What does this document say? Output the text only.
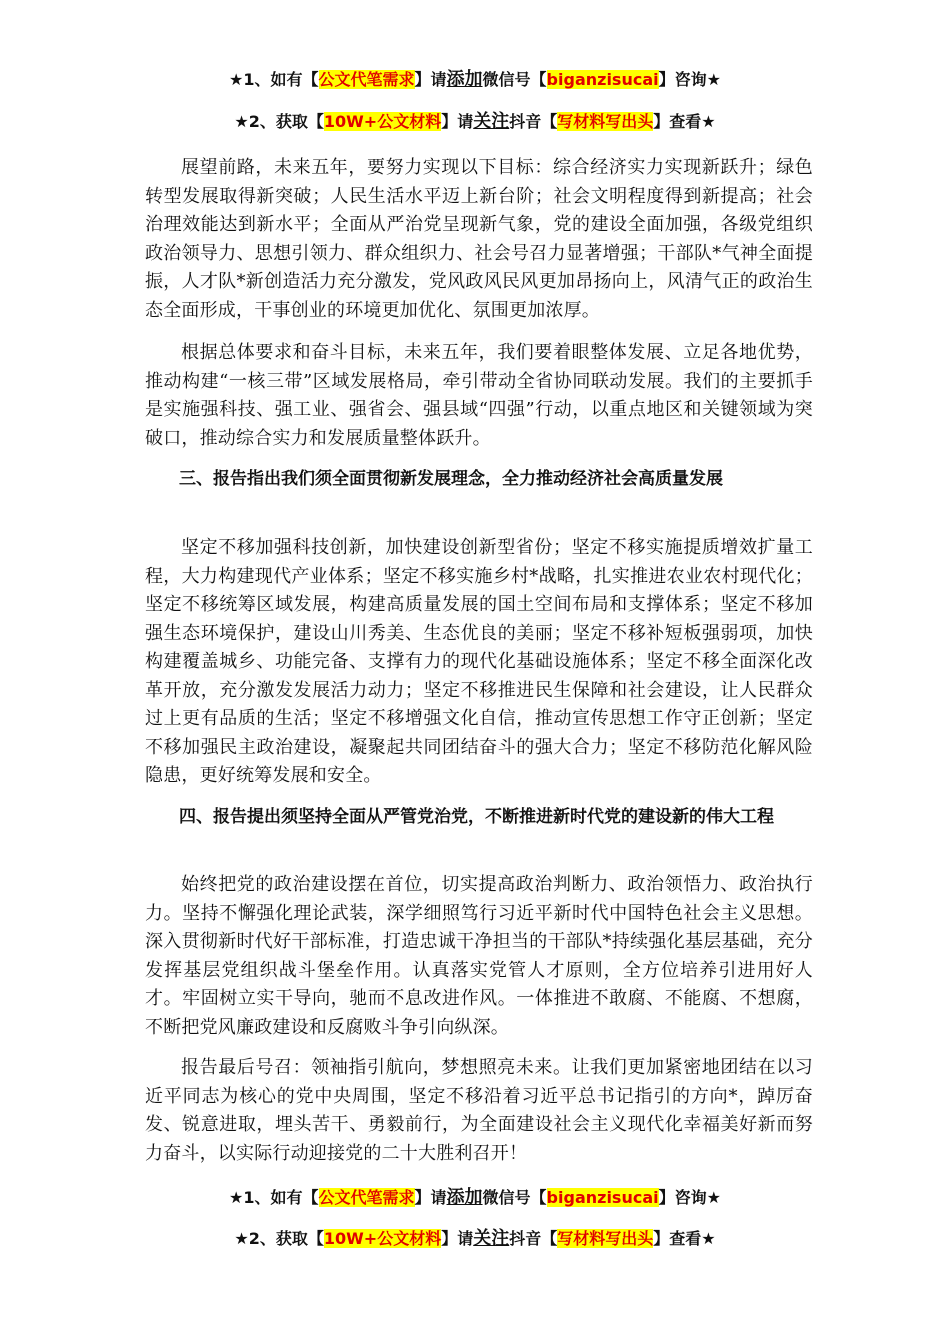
★1、如有【公文代笔需求】请添加微信号【biganzisucai】咨询★
★2、获取【10W+公文材料】请关注抖音【写材料写出头】查看★

展望前路，未来五年，要努力实现以下目标：综合经济实力实现新跃升；绿色转型发展取得新突破；人民生活水平迈上新台阶；社会文明程度得到新提高；社会治理效能达到新水平；全面从严治党呈现新气象，党的建设全面加强，各级党组织政治领导力、思想引领力、群众组织力、社会号召力显著增强；干部队*气神全面提振，人才队*新创造活力充分激发，党风政风民风更加昂扬向上，风清气正的政治生态全面形成，干事创业的环境更加优化、氛围更加浓厚。

根据总体要求和奋斗目标，未来五年，我们要着眼整体发展、立足各地优势，推动构建“一核三带”区域发展格局，牵引带动全省协同联动发展。我们的主要抓手是实施强科技、强工业、强省会、强县域“四强”行动，以重点地区和关键领域为突破口，推动综合实力和发展质量整体跃升。

三、报告指出我们须全面贯彻新发展理念，全力推动经济社会高质量发展

坚定不移加强科技创新，加快建设创新型省份；坚定不移实施提质增效扩量工程，大力构建现代产业体系；坚定不移实施乡村*战略，扎实推进农业农村现代化；坚定不移统筹区域发展，构建高质量发展的国土空间布局和支撑体系；坚定不移加强生态环境保护，建设山川秀美、生态优良的美丽；坚定不移补短板强弱项，加快构建覆盖城乡、功能完备、支撑有力的现代化基础设施体系；坚定不移全面深化改革开放，充分激发发展活力动力；坚定不移推进民生保障和社会建设，让人民群众过上更有品质的生活；坚定不移增强文化自信，推动宣传思想工作守正创新；坚定不移加强民主政治建设，凝聚起共同团结奋斗的强大合力；坚定不移防范化解风险隐患，更好统筹发展和安全。

四、报告提出须坚持全面从严管党治党，不断推进新时代党的建设新的伟大工程

始终把党的政治建设摆在首位，切实提高政治判断力、政治领悟力、政治执行力。坚持不懈强化理论武装，深学细照笃行习近平新时代中国特色社会主义思想。深入贯彻新时代好干部标准，打造忠诚干净担当的干部队*持续强化基层基础，充分发挥基层党组织战斗堡垒作用。认真落实党管人才原则，全方位培养引进用好人才。牢固树立实干导向，驰而不息改进作风。一体推进不敢腐、不能腐、不想腐，不断把党风廉政建设和反腐败斗争引向纵深。

报告最后号召：领袖指引航向，梦想照亮未来。让我们更加紧密地团结在以习近平同志为核心的党中央周围，坚定不移沿着习近平总书记指引的方向*，踔厉奋发、锐意进取，埋头苦干、勇毅前行，为全面建设社会主义现代化幸福美好新而努力奋斗，以实际行动迎接党的二十大胜利召开！

★1、如有【公文代笔需求】请添加微信号【biganzisucai】咨询★
★2、获取【10W+公文材料】请关注抖音【写材料写出头】查看★
